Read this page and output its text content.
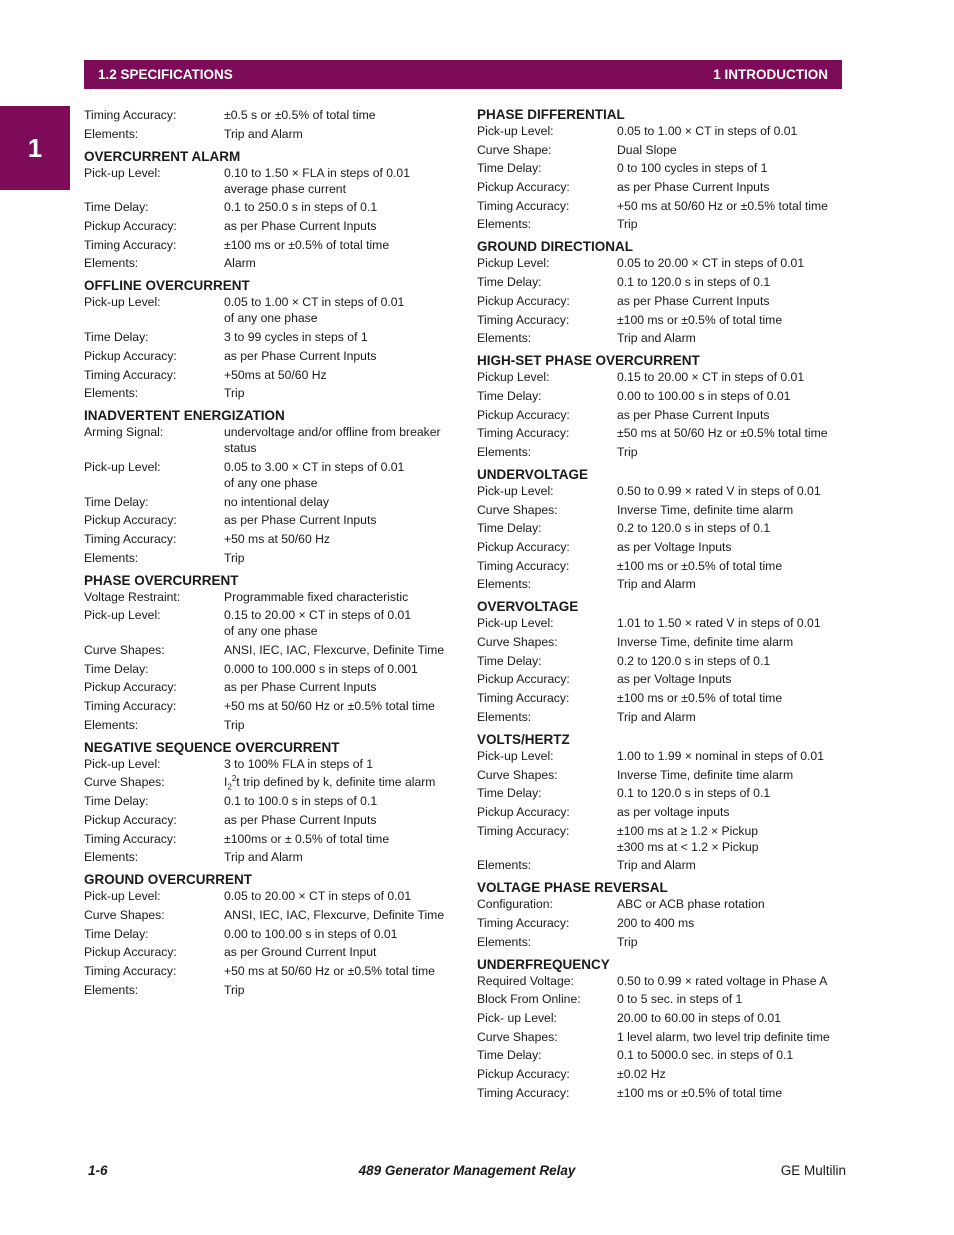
1.2 SPECIFICATIONS	1 INTRODUCTION
1
Timing Accuracy:	±0.5 s or ±0.5% of total time
Elements:	Trip and Alarm
OVERCURRENT ALARM
Pick-up Level:	0.10 to 1.50 × FLA in steps of 0.01
average phase current
Time Delay:	0.1 to 250.0 s in steps of 0.1
Pickup Accuracy:	as per Phase Current Inputs
Timing Accuracy:	±100 ms or ±0.5% of total time
Elements:	Alarm
OFFLINE OVERCURRENT
Pick-up Level:	0.05 to 1.00 × CT in steps of 0.01
of any one phase
Time Delay:	3 to 99 cycles in steps of 1
Pickup Accuracy:	as per Phase Current Inputs
Timing Accuracy:	+50ms at 50/60 Hz
Elements:	Trip
INADVERTENT ENERGIZATION
Arming Signal:	undervoltage and/or offline from breaker
status
Pick-up Level:	0.05 to 3.00 × CT in steps of 0.01
of any one phase
Time Delay:	no intentional delay
Pickup Accuracy:	as per Phase Current Inputs
Timing Accuracy:	+50 ms at 50/60 Hz
Elements:	Trip
PHASE OVERCURRENT
Voltage Restraint:	Programmable fixed characteristic
Pick-up Level:	0.15 to 20.00 × CT in steps of 0.01
of any one phase
Curve Shapes:	ANSI, IEC, IAC, Flexcurve, Definite Time
Time Delay:	0.000 to 100.000 s in steps of 0.001
Pickup Accuracy:	as per Phase Current Inputs
Timing Accuracy:	+50 ms at 50/60 Hz or ±0.5% total time
Elements:	Trip
NEGATIVE SEQUENCE OVERCURRENT
Pick-up Level:	3 to 100% FLA in steps of 1
Curve Shapes:	$I_2^2t$ trip defined by k, definite time alarm
Time Delay:	0.1 to 100.0 s in steps of 0.1
Pickup Accuracy:	as per Phase Current Inputs
Timing Accuracy:	±100ms or ± 0.5% of total time
Elements:	Trip and Alarm
GROUND OVERCURRENT
Pick-up Level:	0.05 to 20.00 × CT in steps of 0.01
Curve Shapes:	ANSI, IEC, IAC, Flexcurve, Definite Time
Time Delay:	0.00 to 100.00 s in steps of 0.01
Pickup Accuracy:	as per Ground Current Input
Timing Accuracy:	+50 ms at 50/60 Hz or ±0.5% total time
Elements:	Trip
PHASE DIFFERENTIAL
Pick-up Level:	0.05 to 1.00 × CT in steps of 0.01
Curve Shape:	Dual Slope
Time Delay:	0 to 100 cycles in steps of 1
Pickup Accuracy:	as per Phase Current Inputs
Timing Accuracy:	+50 ms at 50/60 Hz or ±0.5% total time
Elements:	Trip
GROUND DIRECTIONAL
Pickup Level:	0.05 to 20.00 × CT in steps of 0.01
Time Delay:	0.1 to 120.0 s in steps of 0.1
Pickup Accuracy:	as per Phase Current Inputs
Timing Accuracy:	±100 ms or ±0.5% of total time
Elements:	Trip and Alarm
HIGH-SET PHASE OVERCURRENT
Pickup Level:	0.15 to 20.00 × CT in steps of 0.01
Time Delay:	0.00 to 100.00 s in steps of 0.01
Pickup Accuracy:	as per Phase Current Inputs
Timing Accuracy:	±50 ms at 50/60 Hz or ±0.5% total time
Elements:	Trip
UNDERVOLTAGE
Pick-up Level:	0.50 to 0.99 × rated V in steps of 0.01
Curve Shapes:	Inverse Time, definite time alarm
Time Delay:	0.2 to 120.0 s in steps of 0.1
Pickup Accuracy:	as per Voltage Inputs
Timing Accuracy:	±100 ms or ±0.5% of total time
Elements:	Trip and Alarm
OVERVOLTAGE
Pick-up Level:	1.01 to 1.50 × rated V in steps of 0.01
Curve Shapes:	Inverse Time, definite time alarm
Time Delay:	0.2 to 120.0 s in steps of 0.1
Pickup Accuracy:	as per Voltage Inputs
Timing Accuracy:	±100 ms or ±0.5% of total time
Elements:	Trip and Alarm
VOLTS/HERTZ
Pick-up Level:	1.00 to 1.99 × nominal in steps of 0.01
Curve Shapes:	Inverse Time, definite time alarm
Time Delay:	0.1 to 120.0 s in steps of 0.1
Pickup Accuracy:	as per voltage inputs
Timing Accuracy:	±100 ms at ≥ 1.2 × Pickup
±300 ms at < 1.2 × Pickup
Elements:	Trip and Alarm
VOLTAGE PHASE REVERSAL
Configuration:	ABC or ACB phase rotation
Timing Accuracy:	200 to 400 ms
Elements:	Trip
UNDERFREQUENCY
Required Voltage:	0.50 to 0.99 × rated voltage in Phase A
Block From Online:	0 to 5 sec. in steps of 1
Pick- up Level:	20.00 to 60.00 in steps of 0.01
Curve Shapes:	1 level alarm, two level trip definite time
Time Delay:	0.1 to 5000.0 sec. in steps of 0.1
Pickup Accuracy:	±0.02 Hz
Timing Accuracy:	±100 ms or ±0.5% of total time
1-6	489 Generator Management Relay	GE Multilin
